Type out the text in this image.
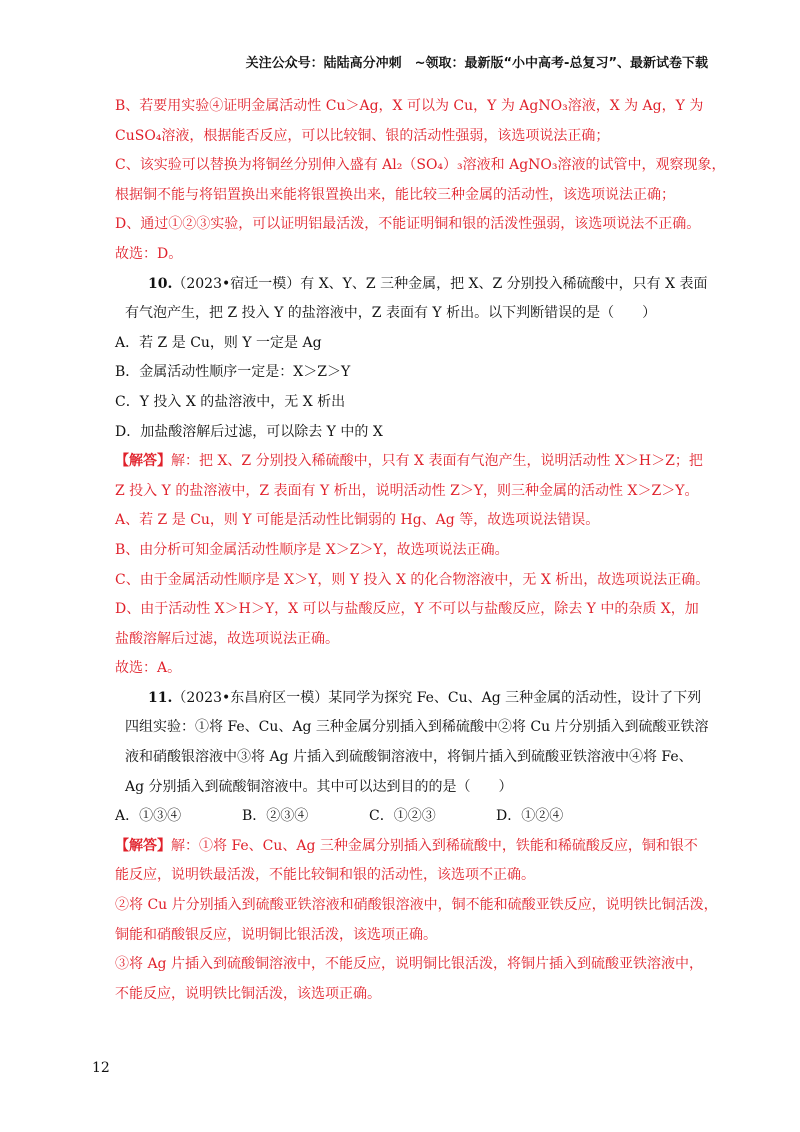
关注公众号：陆陆高分冲刺　~领取：最新版“小中高考-总复习”、最新试卷下载
B、若要用实验④证明金属活动性 Cu＞Ag，X 可以为 Cu，Y 为 AgNO₃溶液，X 为 Ag，Y 为
CuSO₄溶液，根据能否反应，可以比较铜、银的活动性强弱，该选项说法正确；
C、该实验可以替换为将铜丝分别伸入盛有 Al₂（SO₄）₃溶液和 AgNO₃溶液的试管中，观察现象，
根据铜不能与将铝置换出来能将银置换出来，能比较三种金属的活动性，该选项说法正确；
D、通过①②③实验，可以证明铝最活泼，不能证明铜和银的活泼性强弱，该选项说法不正确。
故选：D。
10.（2023•宿迁一模）有 X、Y、Z 三种金属，把 X、Z 分别投入稀硫酸中，只有 X 表面
有气泡产生，把 Z 投入 Y 的盐溶液中，Z 表面有 Y 析出。以下判断错误的是（　　）
A．若 Z 是 Cu，则 Y 一定是 Ag
B．金属活动性顺序一定是：X＞Z＞Y
C．Y 投入 X 的盐溶液中，无 X 析出
D．加盐酸溶解后过滤，可以除去 Y 中的 X
【解答】解：把 X、Z 分别投入稀硫酸中，只有 X 表面有气泡产生，说明活动性 X＞H＞Z；把
Z 投入 Y 的盐溶液中，Z 表面有 Y 析出，说明活动性 Z＞Y，则三种金属的活动性 X＞Z＞Y。
A、若 Z 是 Cu，则 Y 可能是活动性比铜弱的 Hg、Ag 等，故选项说法错误。
B、由分析可知金属活动性顺序是 X＞Z＞Y，故选项说法正确。
C、由于金属活动性顺序是 X＞Y，则 Y 投入 X 的化合物溶液中，无 X 析出，故选项说法正确。
D、由于活动性 X＞H＞Y，X 可以与盐酸反应，Y 不可以与盐酸反应，除去 Y 中的杂质 X，加
盐酸溶解后过滤，故选项说法正确。
故选：A。
11.（2023•东昌府区一模）某同学为探究 Fe、Cu、Ag 三种金属的活动性，设计了下列
四组实验：①将 Fe、Cu、Ag 三种金属分别插入到稀硫酸中②将 Cu 片分别插入到硫酸亚铁溶
液和硝酸银溶液中③将 Ag 片插入到硫酸铜溶液中，将铜片插入到硫酸亚铁溶液中④将 Fe、
Ag 分别插入到硫酸铜溶液中。其中可以达到目的的是（　　）
A．①③④	B．②③④	C．①②③	D．①②④
【解答】解：①将 Fe、Cu、Ag 三种金属分别插入到稀硫酸中，铁能和稀硫酸反应，铜和银不
能反应，说明铁最活泼，不能比较铜和银的活动性，该选项不正确。
②将 Cu 片分别插入到硫酸亚铁溶液和硝酸银溶液中，铜不能和硫酸亚铁反应，说明铁比铜活泼，
铜能和硝酸银反应，说明铜比银活泼，该选项正确。
③将 Ag 片插入到硫酸铜溶液中，不能反应，说明铜比银活泼，将铜片插入到硫酸亚铁溶液中，
不能反应，说明铁比铜活泼，该选项正确。
12
